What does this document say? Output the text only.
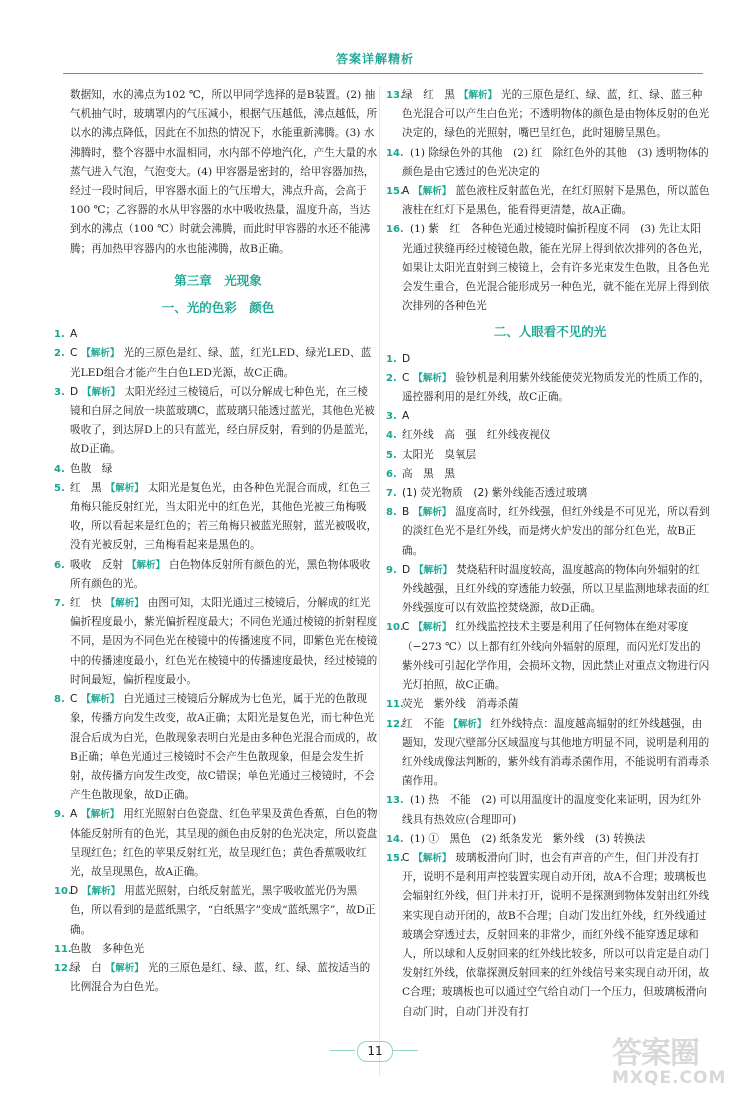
答案详解精析
数据知，水的沸点为102 ℃，所以甲同学选择的是B装置。(2) 抽气机抽气时，玻璃罩内的气压减小，根据气压越低，沸点越低，所以水的沸点降低，因此在不加热的情况下，水能重新沸腾。(3) 水沸腾时，整个容器中水温相同，水内部不停地汽化，产生大量的水蒸气进入气泡，气泡变大。(4) 甲容器是密封的，给甲容器加热，经过一段时间后，甲容器水面上的气压增大，沸点升高，会高于100 ℃；乙容器的水从甲容器的水中吸收热量，温度升高，当达到水的沸点（100 ℃）时就会沸腾，而此时甲容器的水还不能沸腾；再加热甲容器内的水也能沸腾，故B正确。
第三章　光现象
一、光的色彩　颜色
1. A
2. C 【解析】 光的三原色是红、绿、蓝，红光LED、绿光LED、蓝光LED组合才能产生白色LED光源，故C正确。
3. D 【解析】 太阳光经过三棱镜后，可以分解成七种色光，在三棱镜和白屏之间放一块蓝玻璃C，蓝玻璃只能透过蓝光，其他色光被吸收了，到达屏D上的只有蓝光，经白屏反射，看到的仍是蓝光，故D正确。
4. 色散　绿
5. 红　黑 【解析】 太阳光是复色光，由各种色光混合而成，红色三角梅只能反射红光，当太阳光中的红色光，其他色光被三角梅吸收，所以看起来是红色的；若三角梅只被蓝光照射，蓝光被吸收，没有光被反射，三角梅看起来是黑色的。
6. 吸收　反射 【解析】 白色物体反射所有颜色的光，黑色物体吸收所有颜色的光。
7. 红　快 【解析】 由图可知，太阳光通过三棱镜后，分解成的红光偏折程度最小，紫光偏折程度最大；不同色光通过棱镜的折射程度不同，是因为不同色光在棱镜中的传播速度不同，即紫色光在棱镜中的传播速度最小，红色光在棱镜中的传播速度最快，经过棱镜的时间最短，偏折程度最小。
8. C 【解析】 白光通过三棱镜后分解成为七色光，属于光的色散现象，传播方向发生改变，故A正确；太阳光是复色光，而七种色光混合后成为白光，色散现象表明白光是由多种色光混合而成的，故B正确；单色光通过三棱镜时不会产生色散现象，但是会发生折射，故传播方向发生改变，故C错误；单色光通过三棱镜时，不会产生色散现象，故D正确。
9. A 【解析】 用红光照射白色瓷盘、红色苹果及黄色香蕉，白色的物体能反射所有的色光，其呈现的颜色由反射的色光决定，所以瓷盘呈现红色；红色的苹果反射红光，故呈现红色；黄色香蕉吸收红光，故呈现黑色，故A正确。
10.
D 【解析】 用蓝光照射，白纸反射蓝光，黑字吸收蓝光仍为黑色，所以看到的是蓝纸黑字，“白纸黑字”变成“蓝纸黑字”，故D正确。
11.
色散　多种色光
12.
绿　白 【解析】 光的三原色是红、绿、蓝，红、绿、蓝按适当的比例混合为白色光。
13.
绿　红　黑 【解析】 光的三原色是红、绿、蓝，红、绿、蓝三种色光混合可以产生白色光；不透明物体的颜色是由物体反射的色光决定的，绿色的光照射，嘴巴呈红色，此时翅膀呈黑色。
14. (1) 除绿色外的其他　(2) 红　除红色外的其他　(3) 透明物体的颜色是由它透过的色光决定的
15.
A 【解析】 蓝色液柱反射蓝色光，在红灯照射下是黑色，所以蓝色液柱在红灯下是黑色，能看得更清楚，故A正确。
16. (1) 紫　红　各种色光通过棱镜时偏折程度不同　(3) 先让太阳光通过狭缝再经过棱镜色散，能在光屏上得到依次排列的各色光，如果让太阳光直射到三棱镜上，会有许多光束发生色散，且各色光会发生重合，色光混合能形成另一种色光，就不能在光屏上得到依次排列的各种色光
二、人眼看不见的光
1. D
2. C 【解析】 验钞机是利用紫外线能使荧光物质发光的性质工作的，遥控器利用的是红外线，故C正确。
3. A
4. 红外线　高　强　红外线夜视仪
5. 太阳光　臭氧层
6. 高　黑　黑
7. (1) 荧光物质　(2) 紫外线能否透过玻璃
8. B 【解析】 温度高时，红外线强，但红外线是不可见光，所以看到的淡红色光不是红外线，而是烤火炉发出的部分红色光，故B正确。
9. D 【解析】 焚烧秸秆时温度较高，温度越高的物体向外辐射的红外线越强，且红外线的穿透能力较强，所以卫星监测地球表面的红外线强度可以有效监控焚烧源，故D正确。
10.
C 【解析】 红外线监控技术主要是利用了任何物体在绝对零度（−273 ℃）以上都有红外线向外辐射的原理，而闪光灯发出的紫外线可引起化学作用，会损坏文物，因此禁止对重点文物进行闪光灯拍照，故C正确。
11.
荧光　紫外线　消毒杀菌
12.
红　不能 【解析】 红外线特点：温度越高辐射的红外线越强，由题知，发现穴壁部分区域温度与其他地方明显不同，说明是利用的红外线成像法判断的，紫外线有消毒杀菌作用，不能说明有消毒杀菌作用。
13. (1) 热　不能　(2) 可以用温度计的温度变化来证明，因为红外线具有热效应(合理即可)
14. (1) ①　黑色　(2) 纸条发光　紫外线　(3) 转换法
15.
C 【解析】 玻璃板滑向门时，也会有声音的产生，但门并没有打开，说明不是利用声控装置实现自动开闭，故A不合理；玻璃板也会辐射红外线，但门并未打开，说明不是探测到物体发射出红外线来实现自动开闭的，故B不合理；自动门发出红外线，红外线通过玻璃会穿透过去，反射回来的非常少，而红外线不能穿透足球和人，所以球和人反射回来的红外线比较多，所以可以肯定是自动门发射红外线，依靠探测反射回来的红外线信号来实现自动开闭，故C合理；玻璃板也可以通过空气给自动门一个压力，但玻璃板滑向自动门时，自动门并没有打
11	答案圈
MXQE.COM
